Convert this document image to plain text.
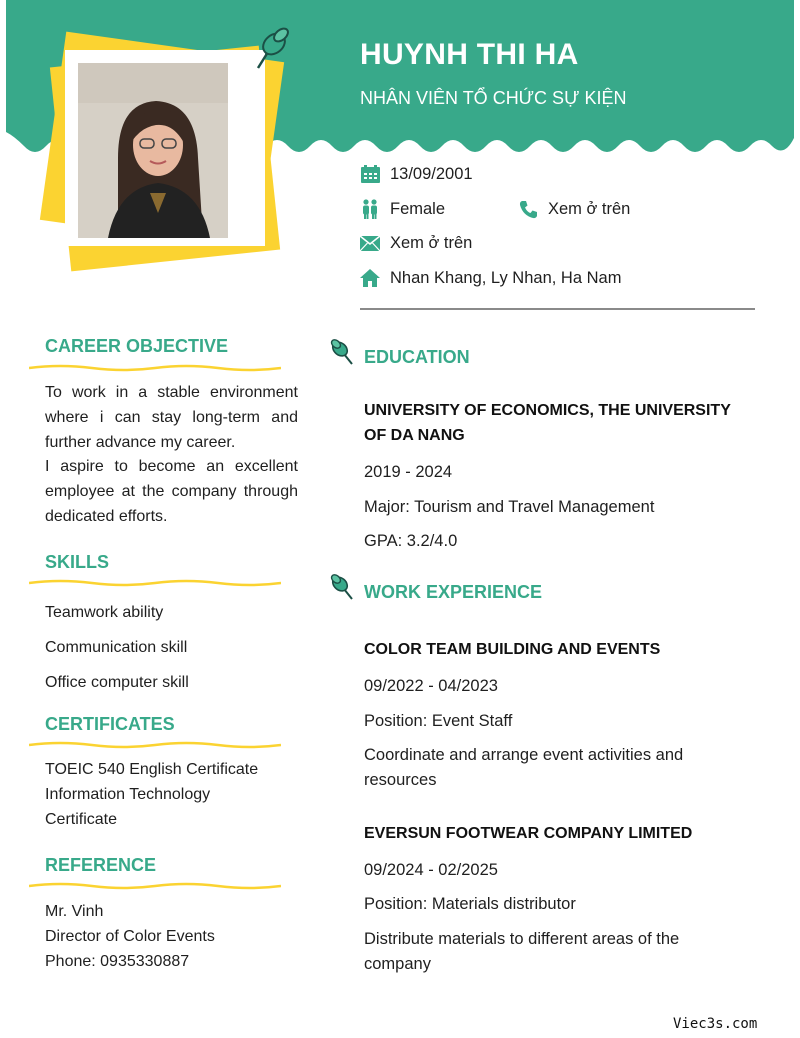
HUYNH THI HA
NHÂN VIÊN TỔ CHỨC SỰ KIỆN
13/09/2001
Female	Xem ở trên
Xem ở trên
Nhan Khang, Ly Nhan, Ha Nam
CAREER OBJECTIVE
To work in a stable environment where i can stay long-term and further advance my career.
I aspire to become an excellent employee at the company through dedicated efforts.
SKILLS
Teamwork ability
Communication skill
Office computer skill
CERTIFICATES
TOEIC 540 English Certificate
Information Technology Certificate
REFERENCE
Mr. Vinh
Director of Color Events
Phone: 0935330887
EDUCATION
UNIVERSITY OF ECONOMICS, THE UNIVERSITY OF DA NANG
2019 - 2024
Major: Tourism and Travel Management
GPA: 3.2/4.0
WORK EXPERIENCE
COLOR TEAM BUILDING AND EVENTS
09/2022 - 04/2023
Position: Event Staff
Coordinate and arrange event activities and resources
EVERSUN FOOTWEAR COMPANY LIMITED
09/2024 - 02/2025
Position: Materials distributor
Distribute materials to different areas of the company
Viec3s.com
